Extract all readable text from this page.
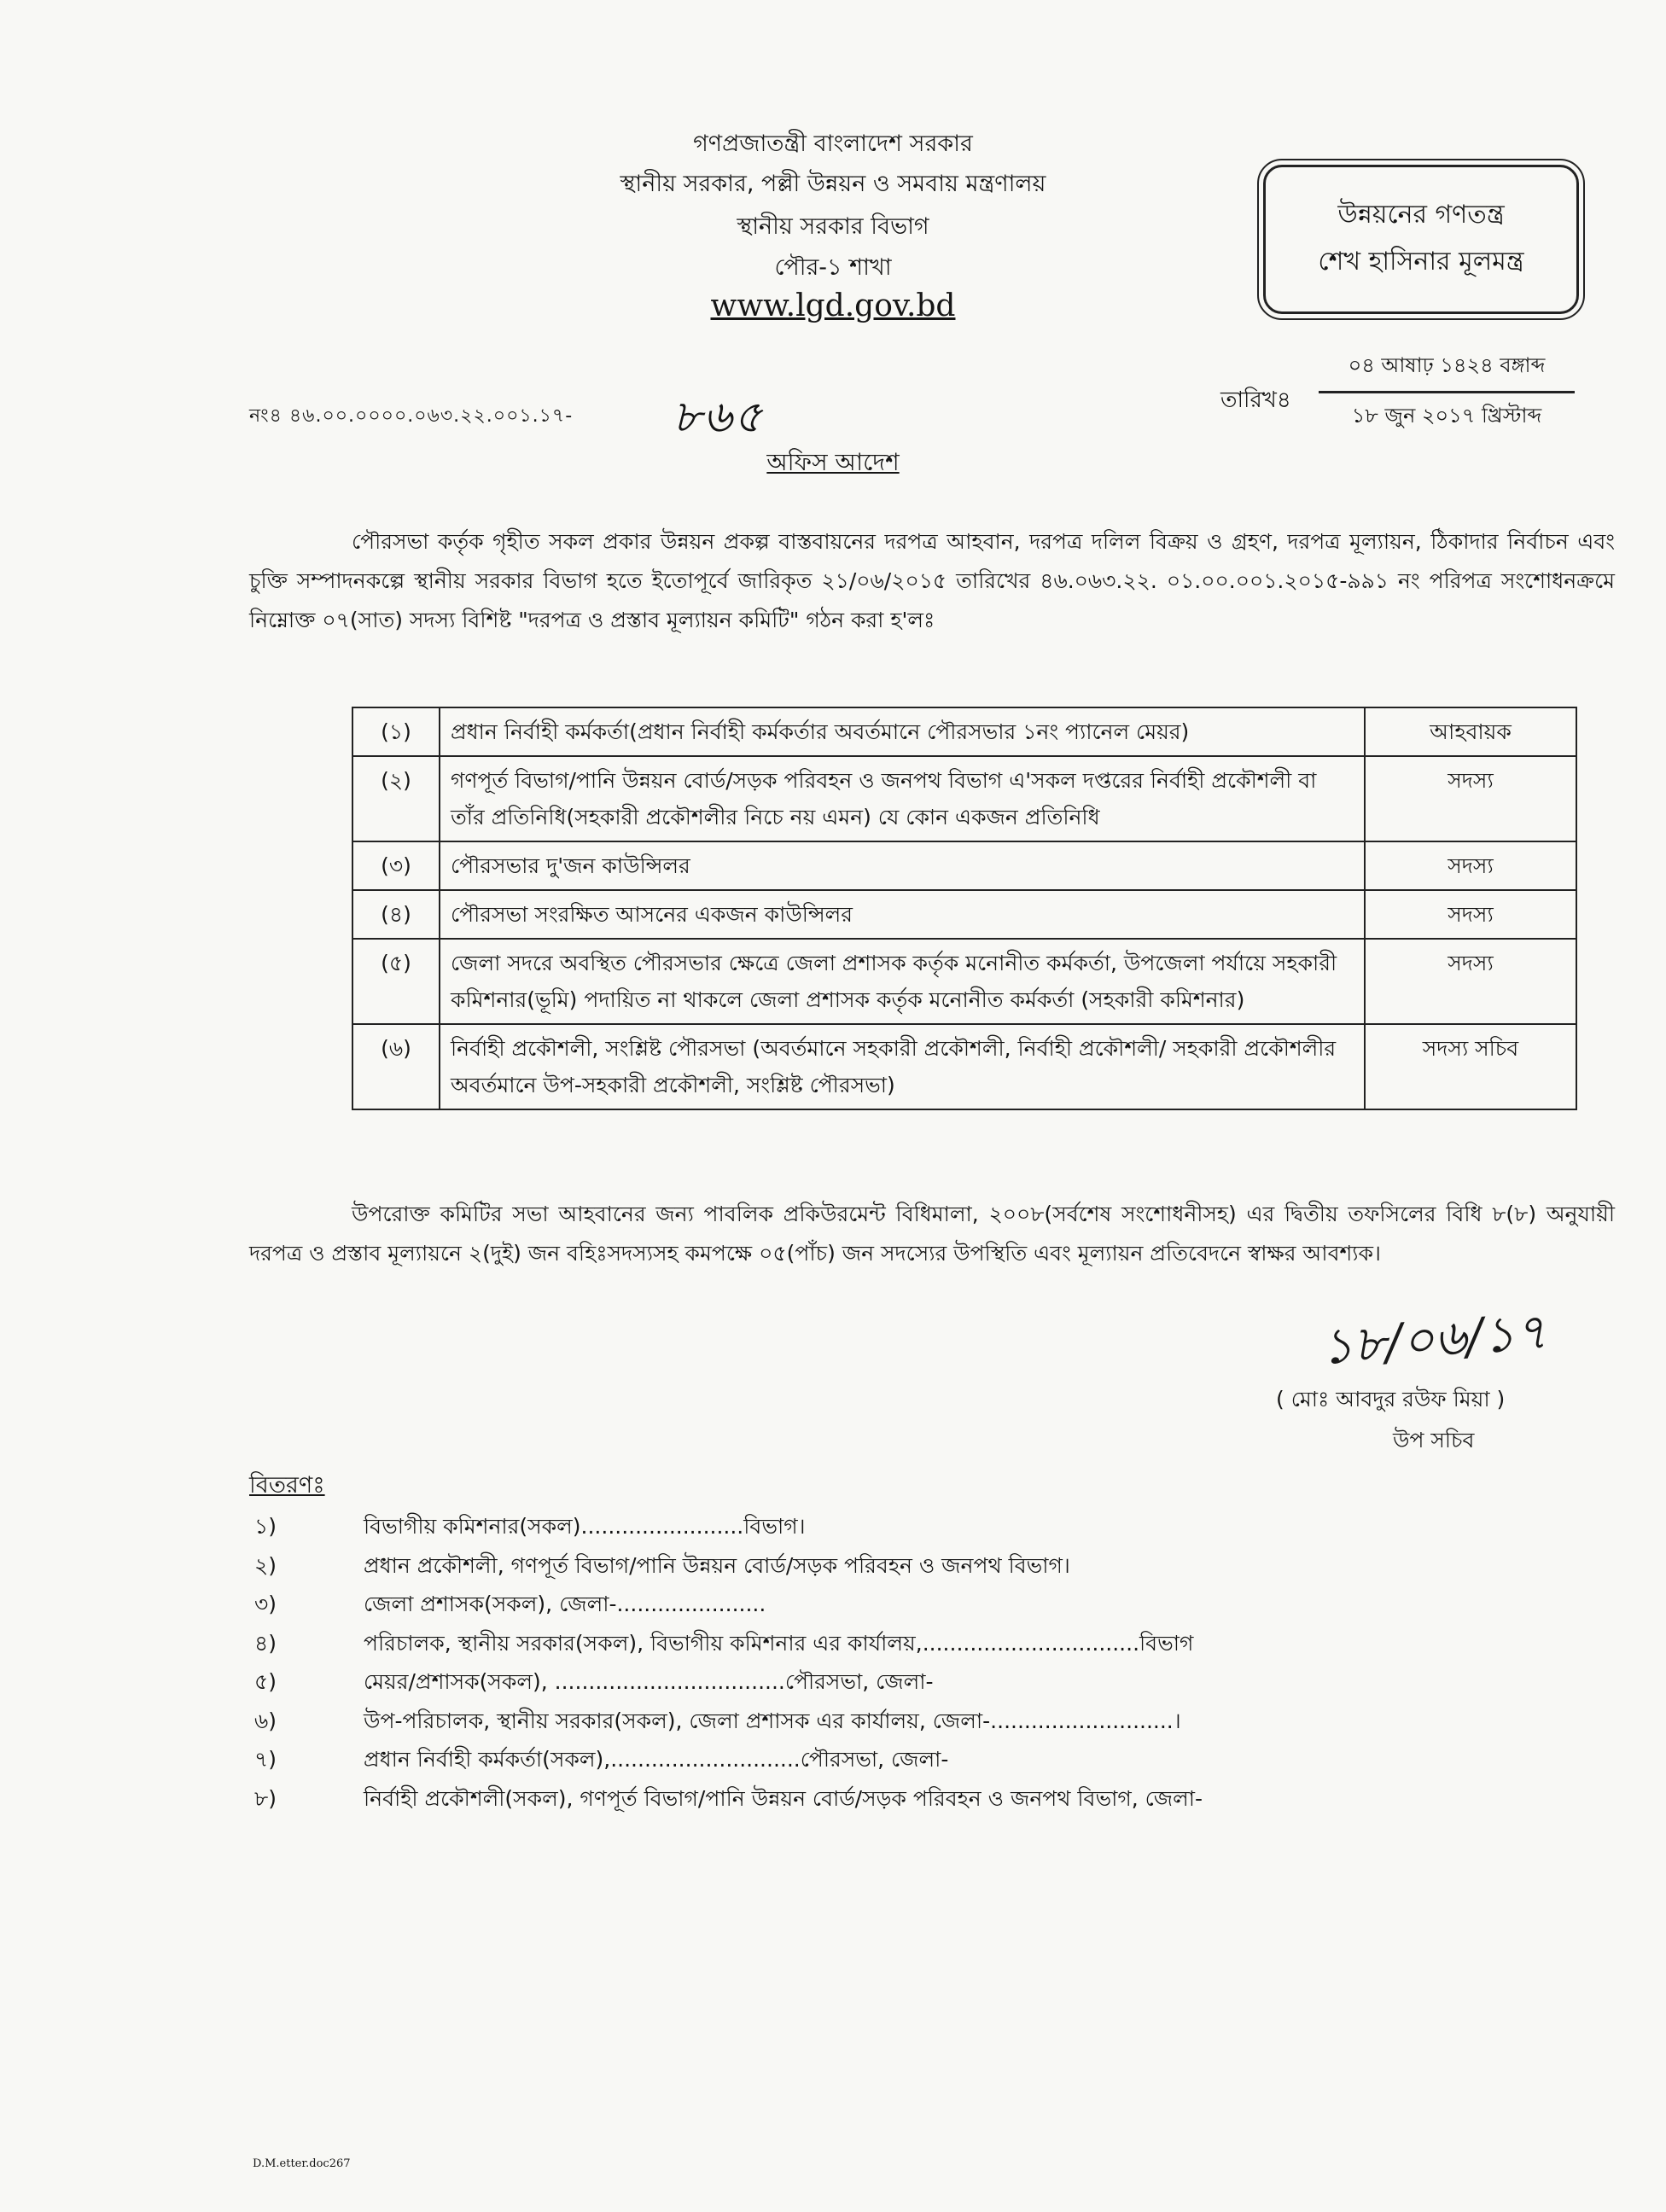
গণপ্রজাতন্ত্রী বাংলাদেশ সরকার
স্থানীয় সরকার, পল্লী উন্নয়ন ও সমবায় মন্ত্রণালয়
স্থানীয় সরকার বিভাগ
পৌর-১ শাখা
www.lgd.gov.bd
উন্নয়নের গণতন্ত্র
শেখ হাসিনার মূলমন্ত্র
নং৪ ৪৬.০০.০০০০.০৬৩.২২.০০১.১৭- ৮৬৫	তারিখ৪
০৪ আষাঢ় ১৪২৪ বঙ্গাব্দ
১৮ জুন ২০১৭ খ্রিস্টাব্দ
অফিস আদেশ
পৌরসভা কর্তৃক গৃহীত সকল প্রকার উন্নয়ন প্রকল্প বাস্তবায়নের দরপত্র আহবান, দরপত্র দলিল বিক্রয় ও গ্রহণ, দরপত্র মূল্যায়ন, ঠিকাদার নির্বাচন এবং চুক্তি সম্পাদনকল্পে স্থানীয় সরকার বিভাগ হতে ইতোপূর্বে জারিকৃত ২১/০৬/২০১৫ তারিখের ৪৬.০৬৩.২২. ০১.০০.০০১.২০১৫-৯৯১ নং পরিপত্র সংশোধনক্রমে নিম্নোক্ত ০৭(সাত) সদস্য বিশিষ্ট "দরপত্র ও প্রস্তাব মূল্যায়ন কমিটি" গঠন করা হ'লঃ
(১)	প্রধান নির্বাহী কর্মকর্তা(প্রধান নির্বাহী কর্মকর্তার অবর্তমানে পৌরসভার ১নং প্যানেল মেয়র)	আহবায়ক
(২)	গণপূর্ত বিভাগ/পানি উন্নয়ন বোর্ড/সড়ক পরিবহন ও জনপথ বিভাগ এ'সকল দপ্তরের নির্বাহী প্রকৌশলী বা তাঁর প্রতিনিধি(সহকারী প্রকৌশলীর নিচে নয় এমন) যে কোন একজন প্রতিনিধি	সদস্য
(৩)	পৌরসভার দু'জন কাউন্সিলর	সদস্য
(৪)	পৌরসভা সংরক্ষিত আসনের একজন কাউন্সিলর	সদস্য
(৫)	জেলা সদরে অবস্থিত পৌরসভার ক্ষেত্রে জেলা প্রশাসক কর্তৃক মনোনীত কর্মকর্তা, উপজেলা পর্যায়ে সহকারী কমিশনার(ভূমি) পদায়িত না থাকলে জেলা প্রশাসক কর্তৃক মনোনীত কর্মকর্তা (সহকারী কমিশনার)	সদস্য
(৬)	নির্বাহী প্রকৌশলী, সংশ্লিষ্ট পৌরসভা (অবর্তমানে সহকারী প্রকৌশলী, নির্বাহী প্রকৌশলী/ সহকারী প্রকৌশলীর অবর্তমানে উপ-সহকারী প্রকৌশলী, সংশ্লিষ্ট পৌরসভা)	সদস্য সচিব
উপরোক্ত কমিটির সভা আহবানের জন্য পাবলিক প্রকিউরমেন্ট বিধিমালা, ২০০৮(সর্বশেষ সংশোধনীসহ) এর দ্বিতীয় তফসিলের বিধি ৮(৮) অনুযায়ী দরপত্র ও প্রস্তাব মূল্যায়নে ২(দুই) জন বহিঃসদস্যসহ কমপক্ষে ০৫(পাঁচ) জন সদস্যের উপস্থিতি এবং মূল্যায়ন প্রতিবেদনে স্বাক্ষর আবশ্যক।
১৮/০৬/১৭
( মোঃ আবদুর রউফ মিয়া )
উপ সচিব
বিতরণঃ
১)	বিভাগীয় কমিশনার(সকল)........................বিভাগ।
২)	প্রধান প্রকৌশলী, গণপূর্ত বিভাগ/পানি উন্নয়ন বোর্ড/সড়ক পরিবহন ও জনপথ বিভাগ।
৩)	জেলা প্রশাসক(সকল), জেলা-......................
৪)	পরিচালক, স্থানীয় সরকার(সকল), বিভাগীয় কমিশনার এর কার্যালয়,................................বিভাগ
৫)	মেয়র/প্রশাসক(সকল), ..................................পৌরসভা, জেলা-
৬)	উপ-পরিচালক, স্থানীয় সরকার(সকল), জেলা প্রশাসক এর কার্যালয়, জেলা-...........................।
৭)	প্রধান নির্বাহী কর্মকর্তা(সকল),............................পৌরসভা, জেলা-
৮)	নির্বাহী প্রকৌশলী(সকল), গণপূর্ত বিভাগ/পানি উন্নয়ন বোর্ড/সড়ক পরিবহন ও জনপথ বিভাগ, জেলা-
D.M.etter.doc267
